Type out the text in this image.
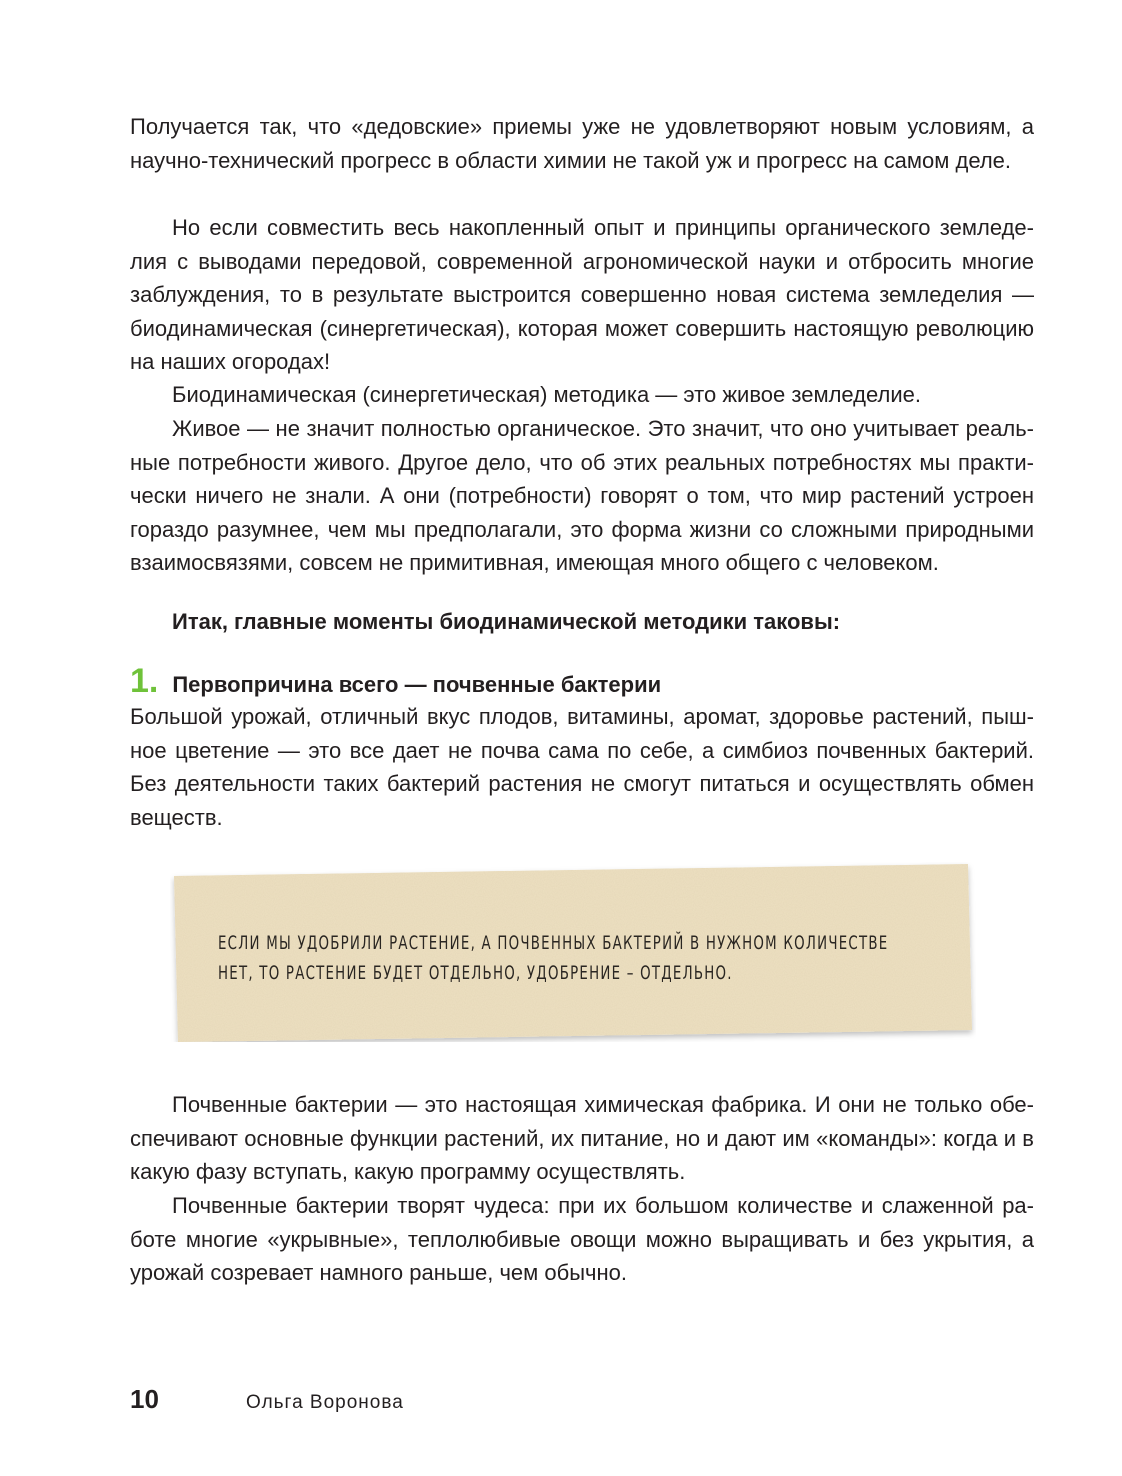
Получается так, что «дедовские» приемы уже не удовлетворяют новым условиям, а научно-технический прогресс в области химии не такой уж и прогресс на самом деле.

Но если совместить весь накопленный опыт и принципы органического земледелия с выводами передовой, современной агрономической науки и отбросить многие заблуждения, то в результате выстроится совершенно новая система земледелия — биодинамическая (синергетическая), которая может совершить настоящую революцию на наших огородах!

Биодинамическая (синергетическая) методика — это живое земледелие.

Живое — не значит полностью органическое. Это значит, что оно учитывает реальные потребности живого. Другое дело, что об этих реальных потребностях мы практически ничего не знали. А они (потребности) говорят о том, что мир растений устроен гораздо разумнее, чем мы предполагали, это форма жизни со сложными природными взаимосвязями, совсем не примитивная, имеющая много общего с человеком.

Итак, главные моменты биодинамической методики таковы:

1. Первопричина всего — почвенные бактерии

Большой урожай, отличный вкус плодов, витамины, аромат, здоровье растений, пышное цветение — это все дает не почва сама по себе, а симбиоз почвенных бактерий. Без деятельности таких бактерий растения не смогут питаться и осуществлять обмен веществ.

ЕСЛИ МЫ УДОБРИЛИ РАСТЕНИЕ, А ПОЧВЕННЫХ БАКТЕРИЙ В НУЖНОМ КОЛИЧЕСТВЕ
НЕТ, ТО РАСТЕНИЕ БУДЕТ ОТДЕЛЬНО, УДОБРЕНИЕ – ОТДЕЛЬНО.

Почвенные бактерии — это настоящая химическая фабрика. И они не только обеспечивают основные функции растений, их питание, но и дают им «команды»: когда и в какую фазу вступать, какую программу осуществлять.

Почвенные бактерии творят чудеса: при их большом количестве и слаженной работе многие «укрывные», теплолюбивые овощи можно выращивать и без укрытия, а урожай созревает намного раньше, чем обычно.

10	Ольга Воронова
